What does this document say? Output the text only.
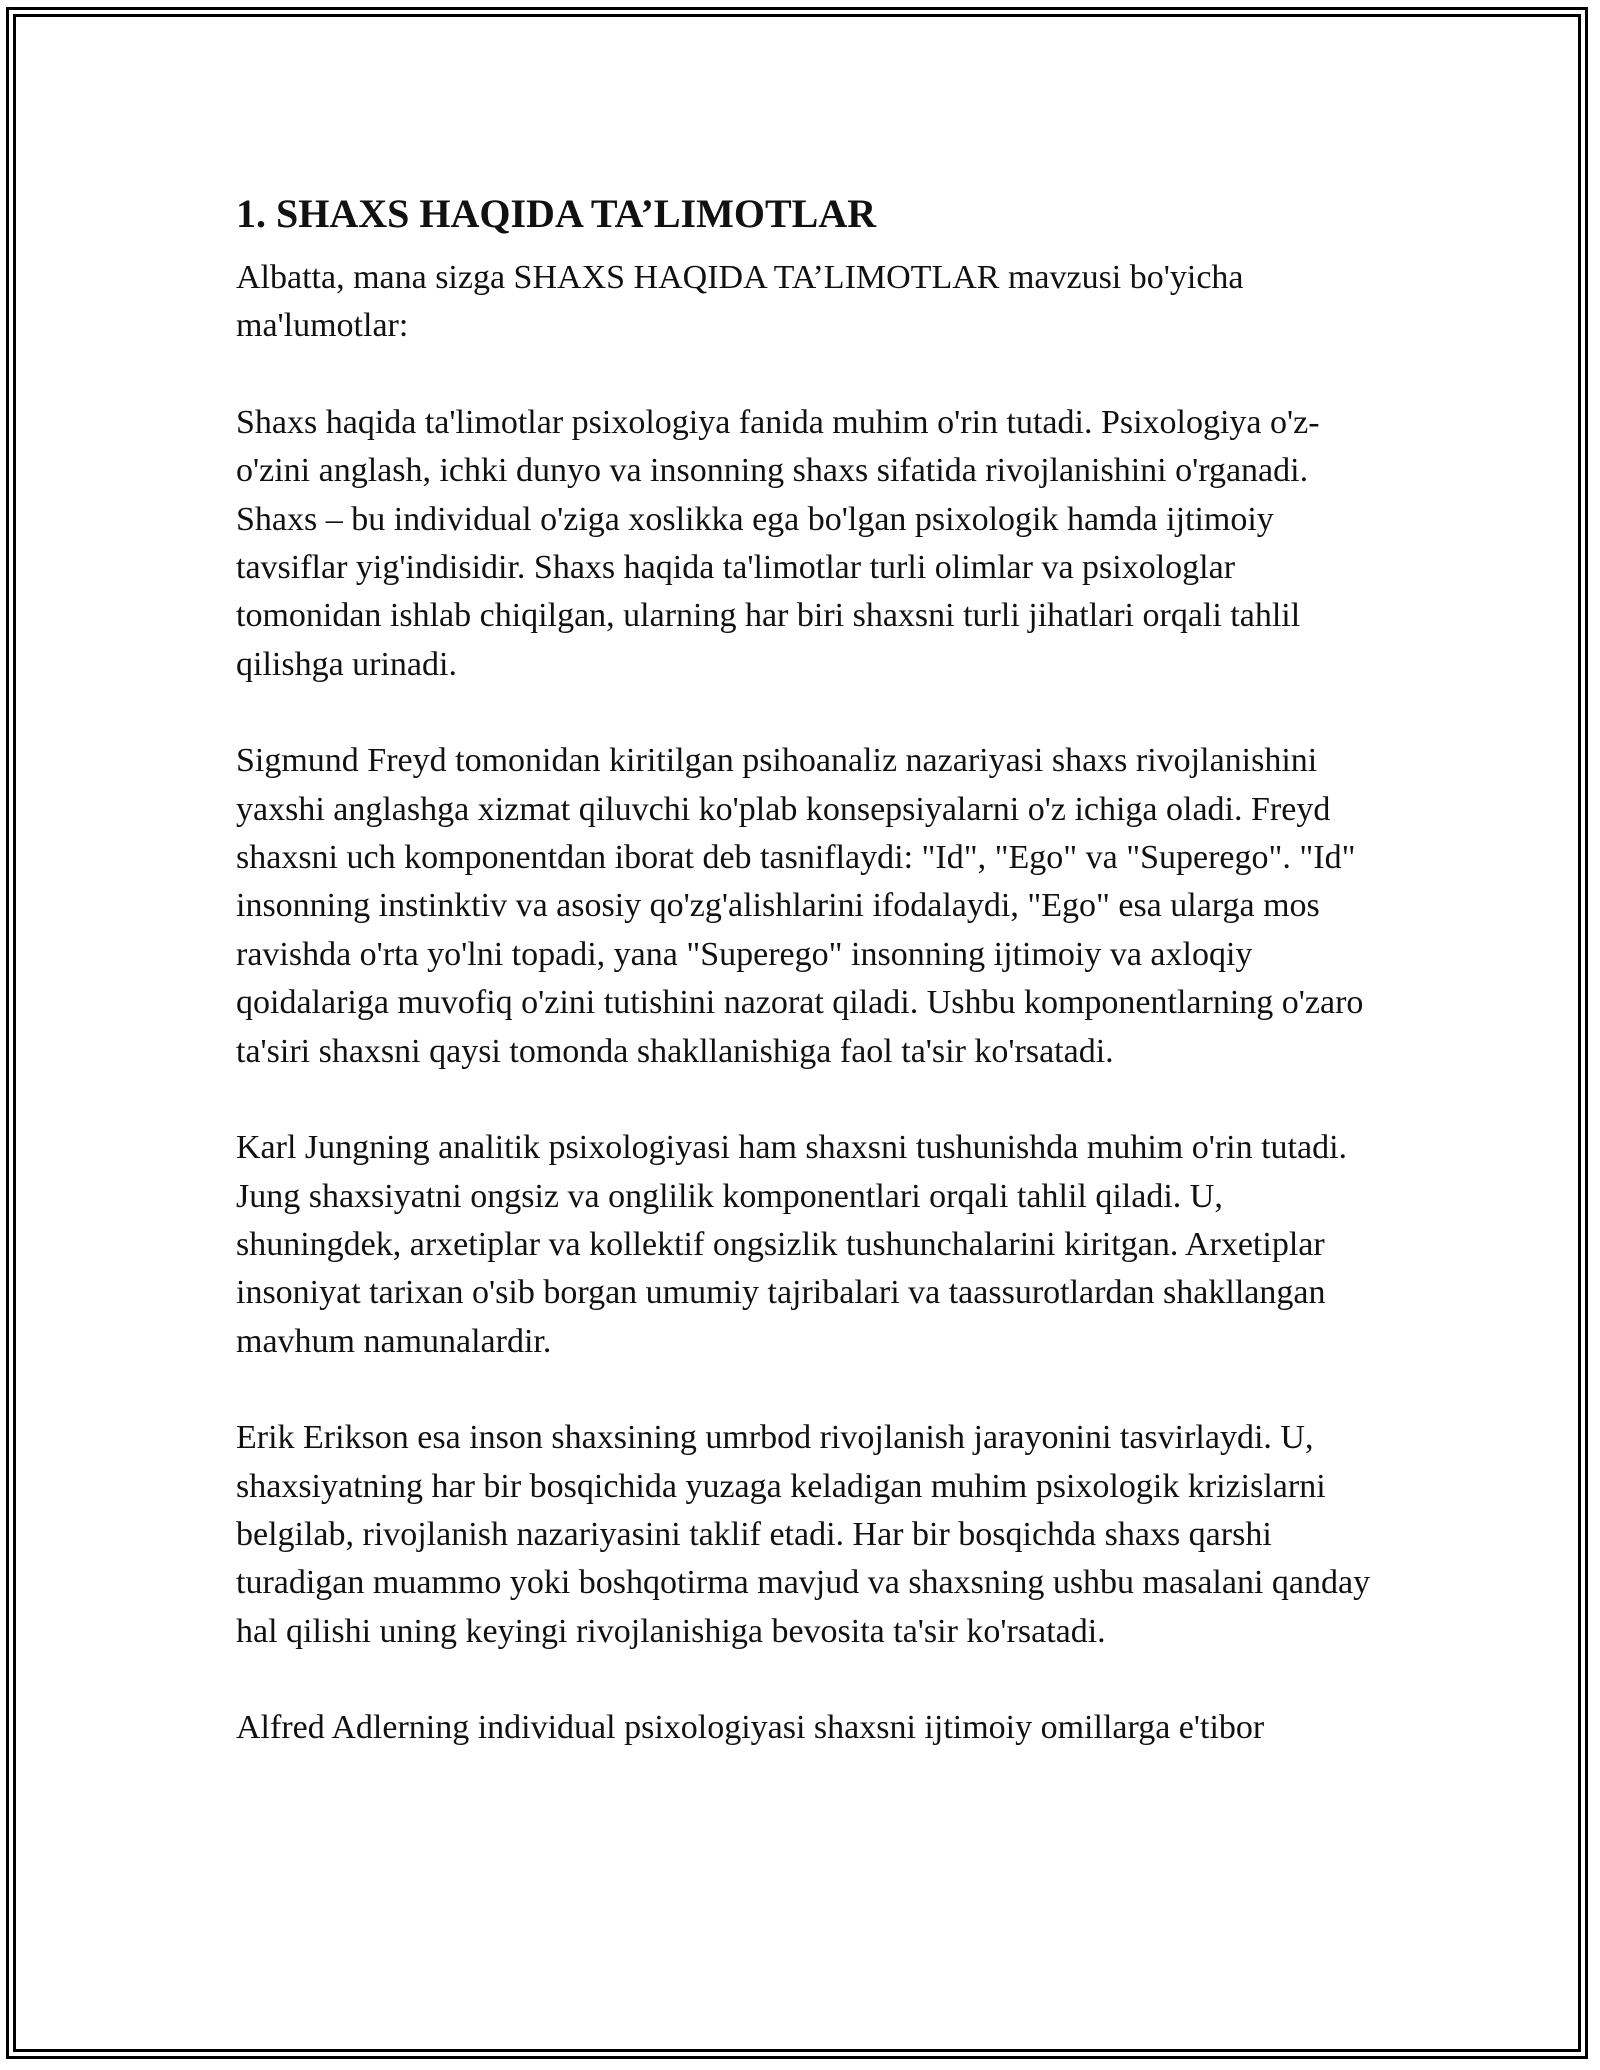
1. SHAXS HAQIDA TA’LIMOTLAR

Albatta, mana sizga SHAXS HAQIDA TA’LIMOTLAR mavzusi bo'yicha ma'lumotlar:

Shaxs haqida ta'limotlar psixologiya fanida muhim o'rin tutadi. Psixologiya o'z-o'zini anglash, ichki dunyo va insonning shaxs sifatida rivojlanishini o'rganadi. Shaxs – bu individual o'ziga xoslikka ega bo'lgan psixologik hamda ijtimoiy tavsiflar yig'indisidir. Shaxs haqida ta'limotlar turli olimlar va psixologlar tomonidan ishlab chiqilgan, ularning har biri shaxsni turli jihatlari orqali tahlil qilishga urinadi.

Sigmund Freyd tomonidan kiritilgan psihoanaliz nazariyasi shaxs rivojlanishini yaxshi anglashga xizmat qiluvchi ko'plab konsepsiyalarni o'z ichiga oladi. Freyd shaxsni uch komponentdan iborat deb tasniflaydi: "Id", "Ego" va "Superego". "Id" insonning instinktiv va asosiy qo'zg'alishlarini ifodalaydi, "Ego" esa ularga mos ravishda o'rta yo'lni topadi, yana "Superego" insonning ijtimoiy va axloqiy qoidalariga muvofiq o'zini tutishini nazorat qiladi. Ushbu komponentlarning o'zaro ta'siri shaxsni qaysi tomonda shakllanishiga faol ta'sir ko'rsatadi.

Karl Jungning analitik psixologiyasi ham shaxsni tushunishda muhim o'rin tutadi. Jung shaxsiyatni ongsiz va onglilik komponentlari orqali tahlil qiladi. U, shuningdek, arxetiplar va kollektif ongsizlik tushunchalarini kiritgan. Arxetiplar insoniyat tarixan o'sib borgan umumiy tajribalari va taassurotlardan shakllangan mavhum namunalardir.

Erik Erikson esa inson shaxsining umrbod rivojlanish jarayonini tasvirlaydi. U, shaxsiyatning har bir bosqichida yuzaga keladigan muhim psixologik krizislarni belgilab, rivojlanish nazariyasini taklif etadi. Har bir bosqichda shaxs qarshi turadigan muammo yoki boshqotirma mavjud va shaxsning ushbu masalani qanday hal qilishi uning keyingi rivojlanishiga bevosita ta'sir ko'rsatadi.

Alfred Adlerning individual psixologiyasi shaxsni ijtimoiy omillarga e'tibor
